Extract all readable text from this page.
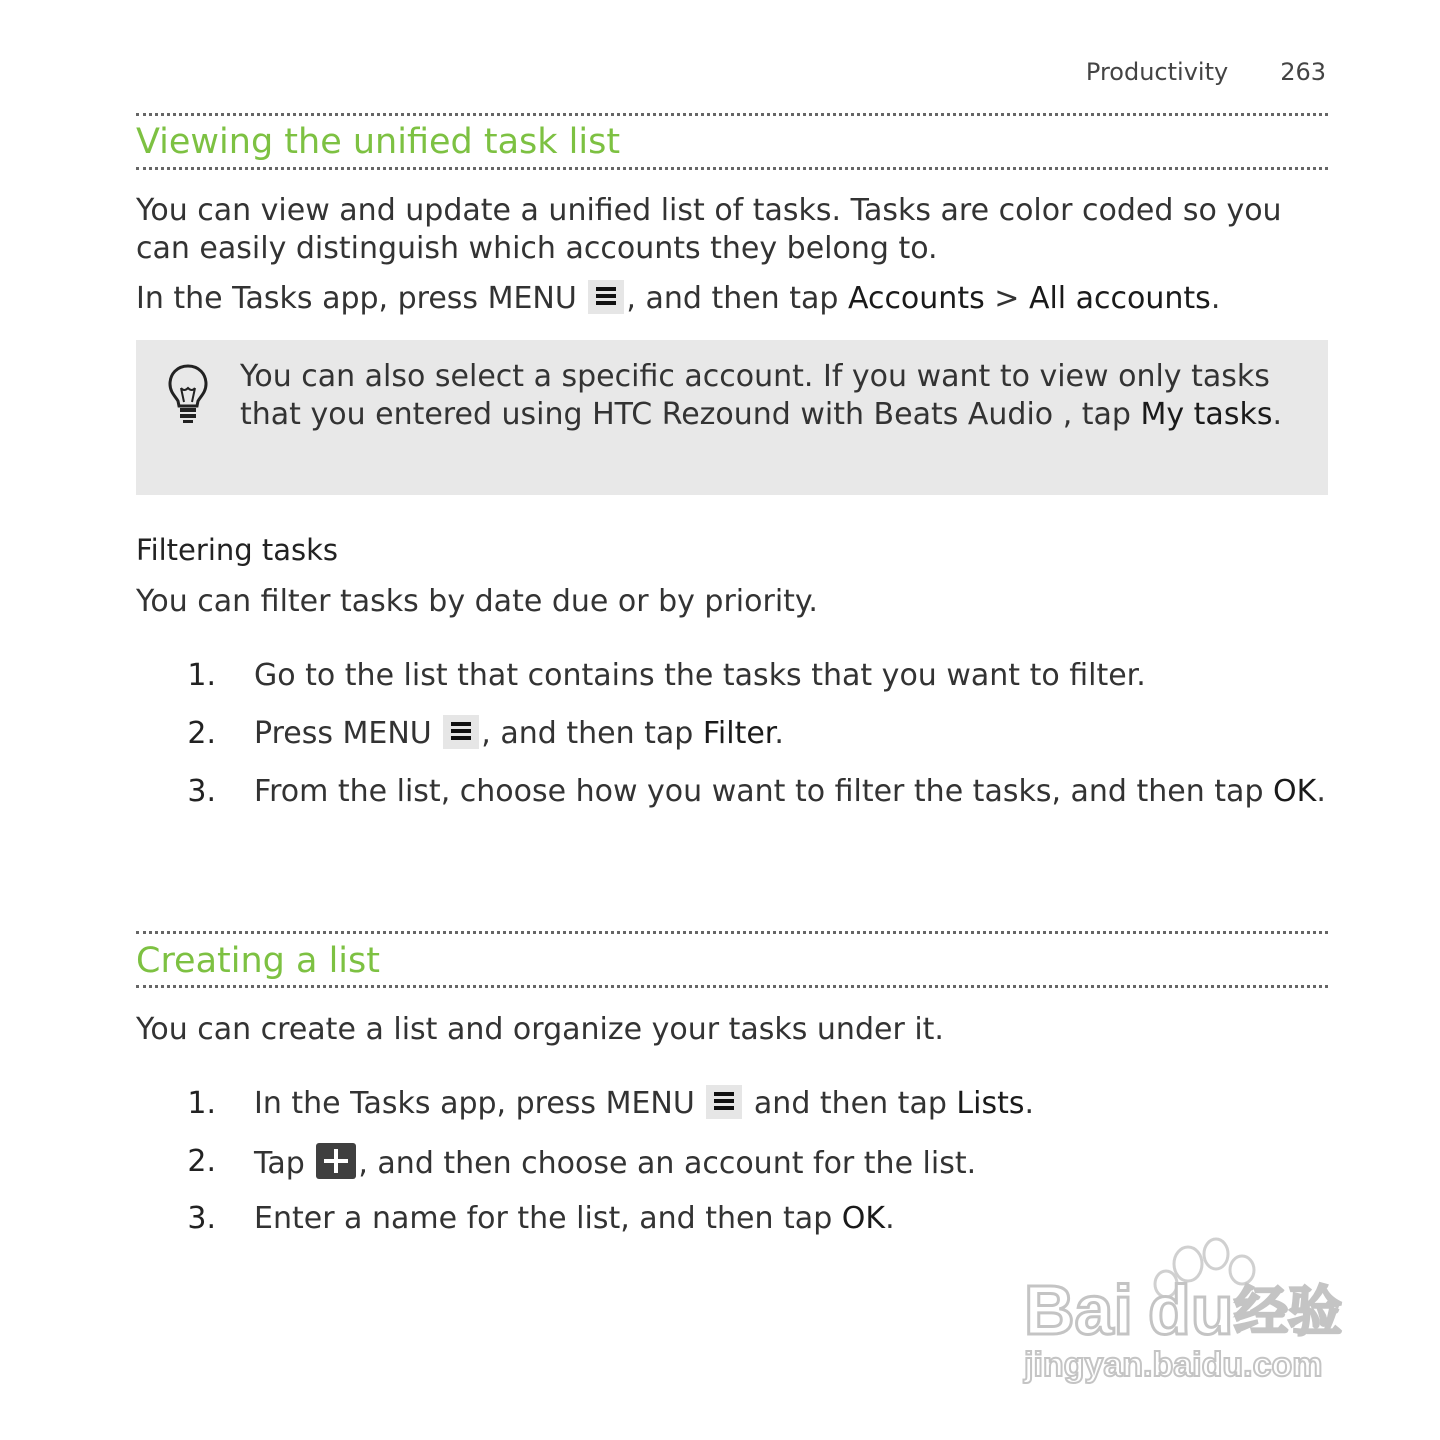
Productivity 263
Viewing the unified task list
You can view and update a unified list of tasks. Tasks are color coded so you can easily distinguish which accounts they belong to.
In the Tasks app, press MENU , and then tap Accounts > All accounts.
You can also select a specific account. If you want to view only tasks that you entered using HTC Rezound with Beats Audio , tap My tasks.
Filtering tasks
You can filter tasks by date due or by priority.
1. Go to the list that contains the tasks that you want to filter.
2. Press MENU , and then tap Filter.
3. From the list, choose how you want to filter the tasks, and then tap OK.
Creating a list
You can create a list and organize your tasks under it.
1. In the Tasks app, press MENU
and then tap Lists.
2. Tap , and then choose an account for the list.
3. Enter a name for the list, and then tap OK.
Bai du 经验
jingyan.baidu.com
